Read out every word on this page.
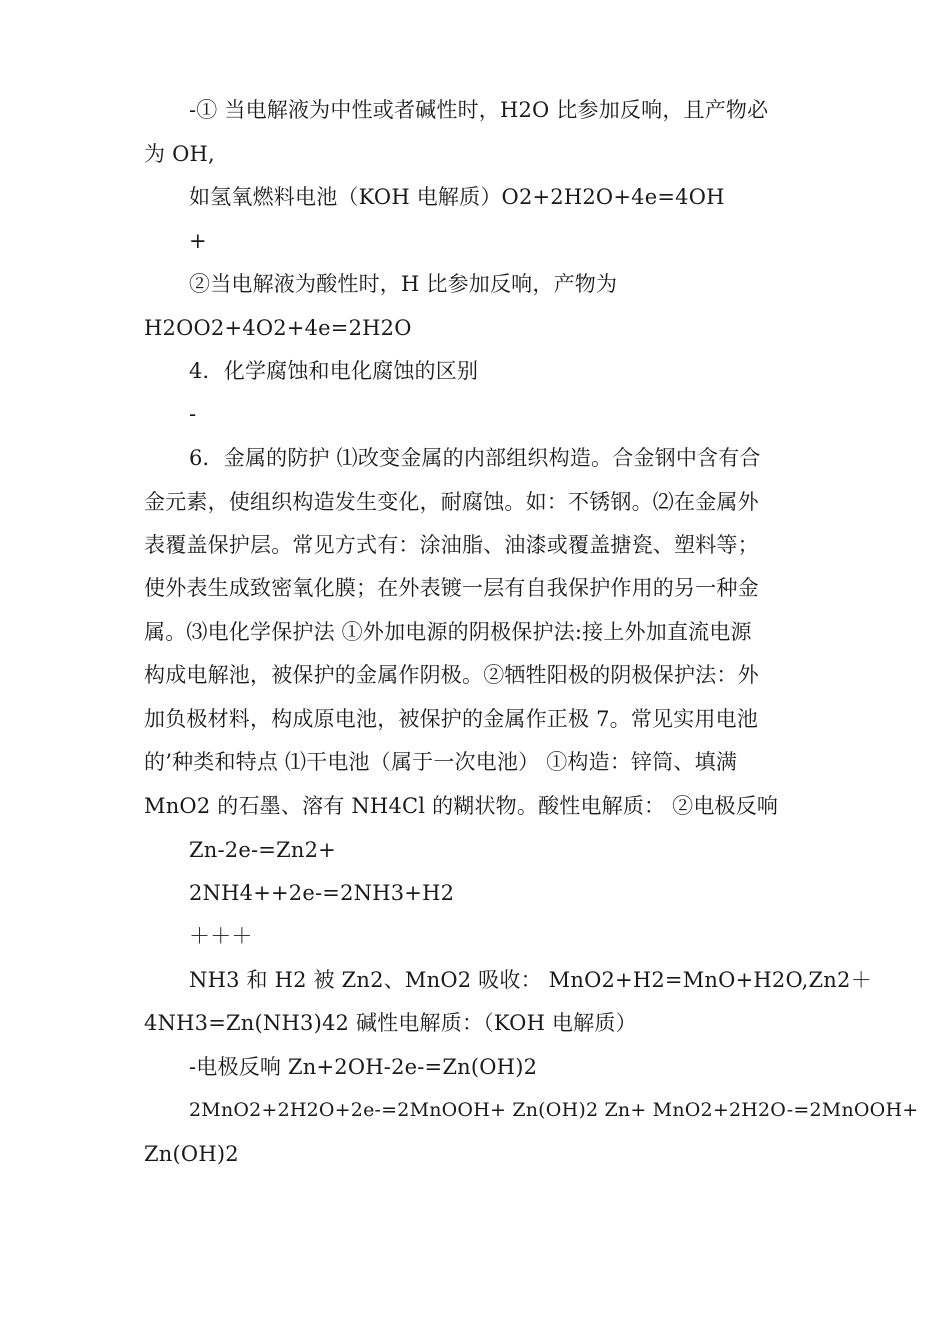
-① 当电解液为中性或者碱性时，H2O 比参加反响，且产物必
为 OH,
如氢氧燃料电池（KOH 电解质）O2+2H2O+4e=4OH
+
②当电解液为酸性时，H 比参加反响，产物为
H2OO2+4O2+4e=2H2O
4．化学腐蚀和电化腐蚀的区别
-
6．金属的防护 ⑴改变金属的内部组织构造。合金钢中含有合
金元素，使组织构造发生变化，耐腐蚀。如：不锈钢。⑵在金属外
表覆盖保护层。常见方式有：涂油脂、油漆或覆盖搪瓷、塑料等；
使外表生成致密氧化膜；在外表镀一层有自我保护作用的另一种金
属。⑶电化学保护法 ①外加电源的阴极保护法:接上外加直流电源
构成电解池，被保护的金属作阴极。②牺牲阳极的阴极保护法：外
加负极材料，构成原电池，被保护的金属作正极 7。常见实用电池
的’种类和特点 ⑴干电池（属于一次电池） ①构造：锌筒、填满
MnO2 的石墨、溶有 NH4Cl 的糊状物。酸性电解质： ②电极反响
Zn-2e-=Zn2+
2NH4++2e-=2NH3+H2
＋＋＋
NH3 和 H2 被 Zn2、MnO2 吸收： MnO2+H2=MnO+H2O,Zn2＋
4NH3=Zn(NH3)42 碱性电解质：（KOH 电解质）
-电极反响 Zn+2OH-2e-=Zn(OH)2
2MnO2+2H2O+2e-=2MnOOH+ Zn(OH)2 Zn+ MnO2+2H2O-=2MnOOH+
Zn(OH)2
